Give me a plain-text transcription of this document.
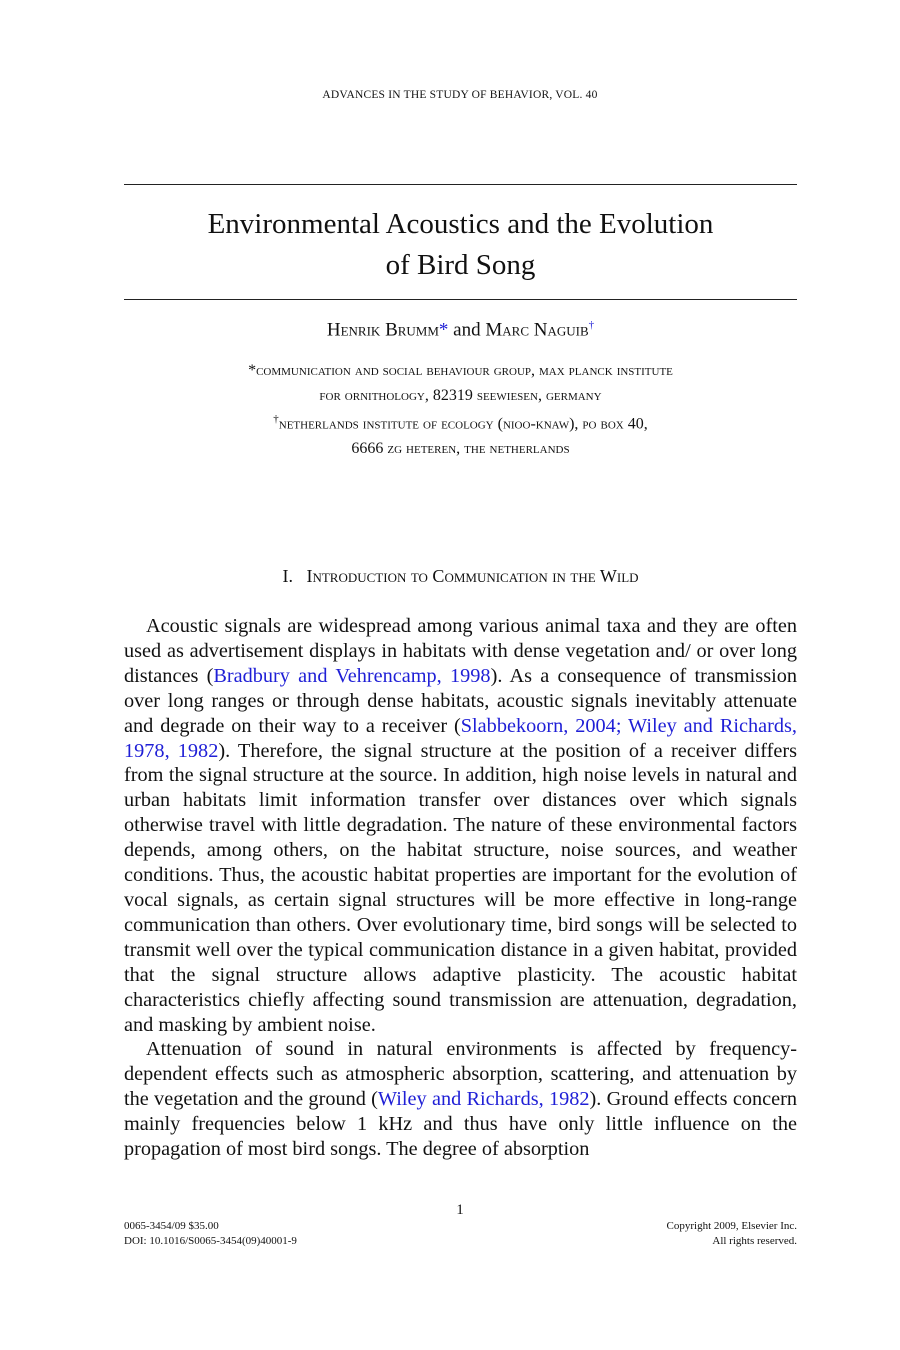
ADVANCES IN THE STUDY OF BEHAVIOR, VOL. 40
Environmental Acoustics and the Evolution
of Bird Song
Henrik Brumm* and Marc Naguib†
*communication and social behaviour group, max planck institute
for ornithology, 82319 seewiesen, germany
†netherlands institute of ecology (nioo-knaw), po box 40,
6666 zg heteren, the netherlands
I.   Introduction to Communication in the Wild

Acoustic signals are widespread among various animal taxa and they are often used as advertisement displays in habitats with dense vegetation and/ or over long distances (Bradbury and Vehrencamp, 1998). As a consequence of transmission over long ranges or through dense habitats, acoustic signals inevitably attenuate and degrade on their way to a receiver (Slabbekoorn, 2004; Wiley and Richards, 1978, 1982). Therefore, the signal structure at the position of a receiver differs from the signal structure at the source. In addition, high noise levels in natural and urban habitats limit information transfer over distances over which signals otherwise travel with little degradation. The nature of these environmental factors depends, among others, on the habitat structure, noise sources, and weather conditions. Thus, the acoustic habitat properties are important for the evolution of vocal signals, as certain signal structures will be more effective in long-range communication than others. Over evolutionary time, bird songs will be selected to transmit well over the typical communication distance in a given habitat, provided that the signal structure allows adaptive plasticity. The acoustic habitat characteristics chiefly affecting sound transmission are attenuation, degradation, and masking by ambient noise.

Attenuation of sound in natural environments is affected by frequency-dependent effects such as atmospheric absorption, scattering, and attenuation by the vegetation and the ground (Wiley and Richards, 1982). Ground effects concern mainly frequencies below 1 kHz and thus have only little influence on the propagation of most bird songs. The degree of absorption

1
0065-3454/09 $35.00
DOI: 10.1016/S0065-3454(09)40001-9
Copyright 2009, Elsevier Inc.
All rights reserved.
